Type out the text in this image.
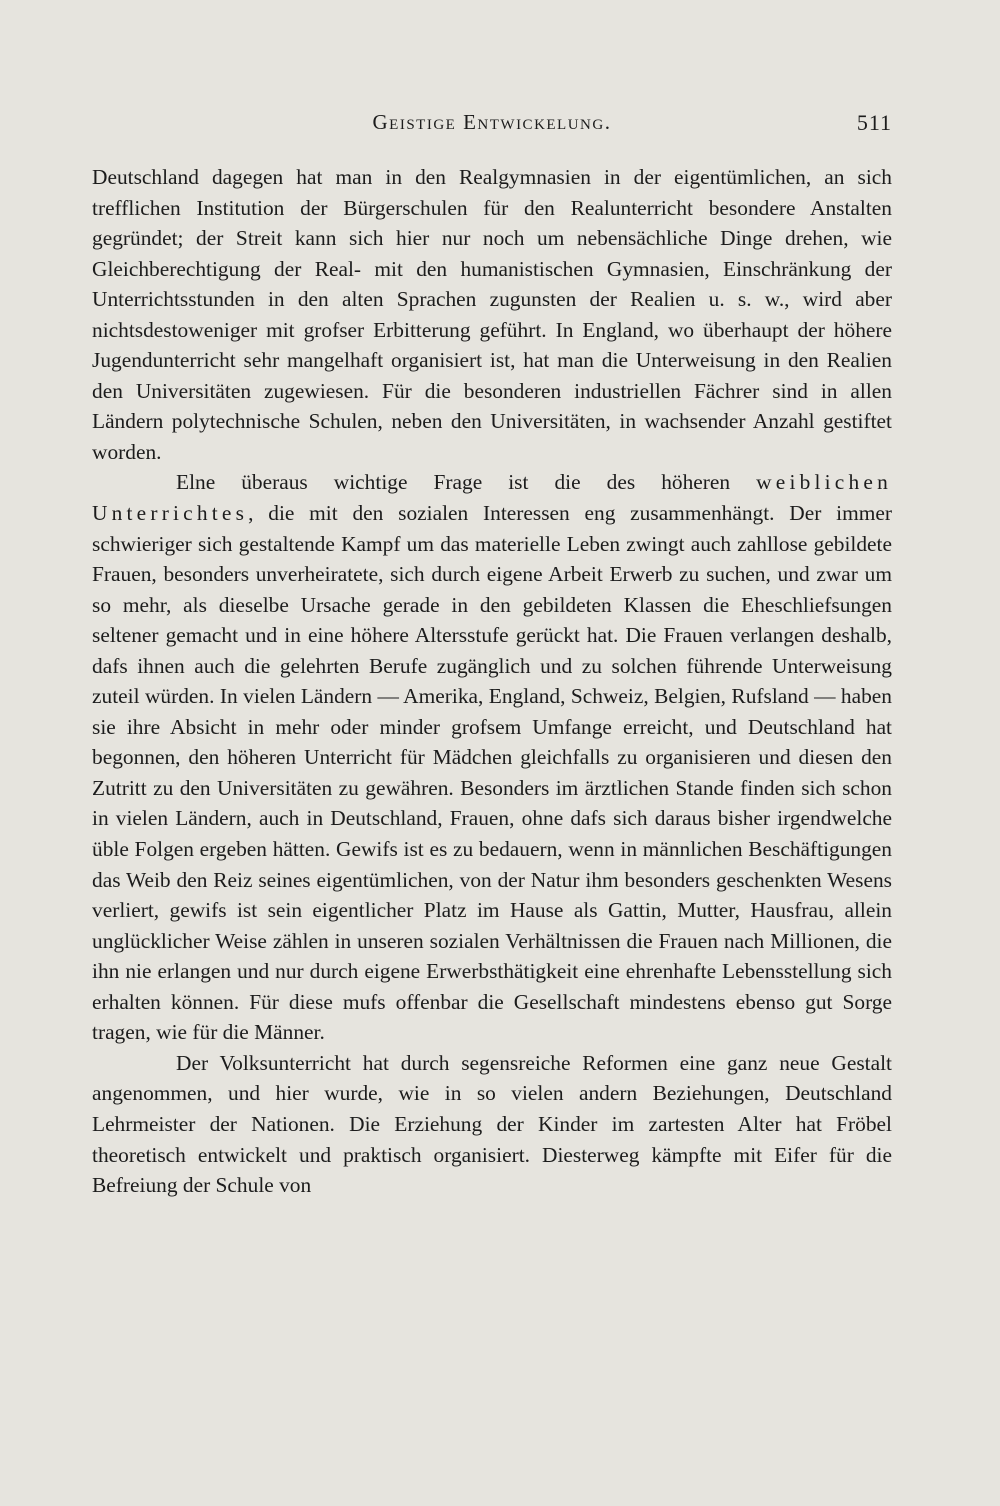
Geistige Entwickelung.	511

Deutschland dagegen hat man in den Realgymnasien in der eigentümlichen, an sich trefflichen Institution der Bürgerschulen für den Realunterricht besondere Anstalten gegründet; der Streit kann sich hier nur noch um nebensächliche Dinge drehen, wie Gleichberechtigung der Real- mit den humanistischen Gymnasien, Einschränkung der Unterrichtsstunden in den alten Sprachen zugunsten der Realien u. s. w., wird aber nichtsdestoweniger mit grofser Erbitterung geführt. In England, wo überhaupt der höhere Jugendunterricht sehr mangelhaft organisiert ist, hat man die Unterweisung in den Realien den Universitäten zugewiesen. Für die besonderen industriellen Fächrer sind in allen Ländern polytechnische Schulen, neben den Universitäten, in wachsender Anzahl gestiftet worden.

Elne überaus wichtige Frage ist die des höheren weiblichen Unterrichtes, die mit den sozialen Interessen eng zusammenhängt. Der immer schwieriger sich gestaltende Kampf um das materielle Leben zwingt auch zahllose gebildete Frauen, besonders unverheiratete, sich durch eigene Arbeit Erwerb zu suchen, und zwar um so mehr, als dieselbe Ursache gerade in den gebildeten Klassen die Eheschliefsungen seltener gemacht und in eine höhere Altersstufe gerückt hat. Die Frauen verlangen deshalb, dafs ihnen auch die gelehrten Berufe zugänglich und zu solchen führende Unterweisung zuteil würden. In vielen Ländern — Amerika, England, Schweiz, Belgien, Rufsland — haben sie ihre Absicht in mehr oder minder grofsem Umfange erreicht, und Deutschland hat begonnen, den höheren Unterricht für Mädchen gleichfalls zu organisieren und diesen den Zutritt zu den Universitäten zu gewähren. Besonders im ärztlichen Stande finden sich schon in vielen Ländern, auch in Deutschland, Frauen, ohne dafs sich daraus bisher irgendwelche üble Folgen ergeben hätten. Gewifs ist es zu bedauern, wenn in männlichen Beschäftigungen das Weib den Reiz seines eigentümlichen, von der Natur ihm besonders geschenkten Wesens verliert, gewifs ist sein eigentlicher Platz im Hause als Gattin, Mutter, Hausfrau, allein unglücklicher Weise zählen in unseren sozialen Verhältnissen die Frauen nach Millionen, die ihn nie erlangen und nur durch eigene Erwerbsthätigkeit eine ehrenhafte Lebensstellung sich erhalten können. Für diese mufs offenbar die Gesellschaft mindestens ebenso gut Sorge tragen, wie für die Männer.

Der Volksunterricht hat durch segensreiche Reformen eine ganz neue Gestalt angenommen, und hier wurde, wie in so vielen andern Beziehungen, Deutschland Lehrmeister der Nationen. Die Erziehung der Kinder im zartesten Alter hat Fröbel theoretisch entwickelt und praktisch organisiert. Diesterweg kämpfte mit Eifer für die Befreiung der Schule von
